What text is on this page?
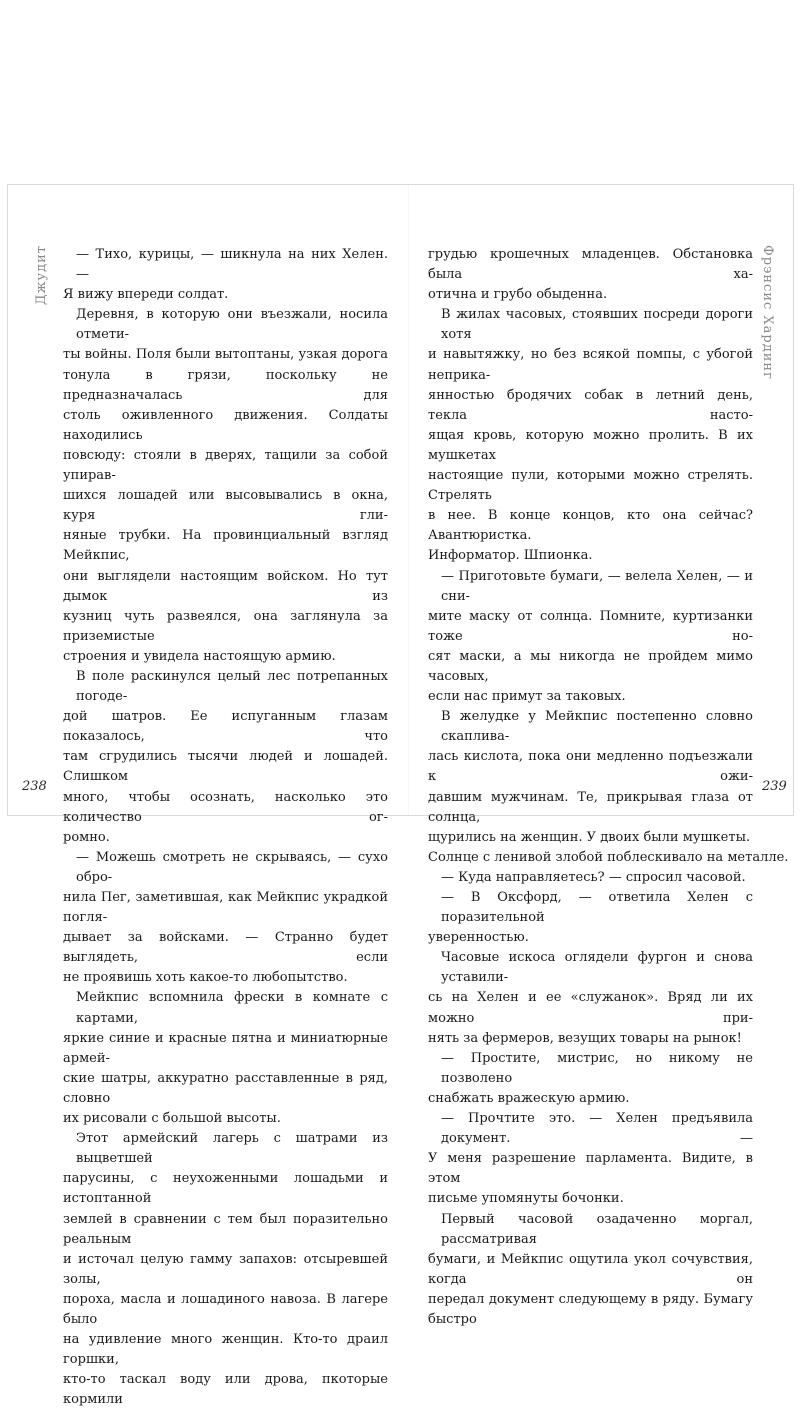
Джудит	Фрэнсис Хардинг
— Тихо, курицы, — шикнула на них Хелен. —
Я вижу впереди солдат.
Деревня, в которую они въезжали, носила отмети-
ты войны. Поля были вытоптаны, узкая дорога
тонула в грязи, поскольку не предназначалась для
столь оживленного движения. Солдаты находились
повсюду: стояли в дверях, тащили за собой упирав-
шихся лошадей или высовывались в окна, куря гли-
няные трубки. На провинциальный взгляд Мейкпис,
они выглядели настоящим войском. Но тут дымок из
кузниц чуть развеялся, она заглянула за приземистые
строения и увидела настоящую армию.
В поле раскинулся целый лес потрепанных погоде-
дой шатров. Ее испуганным глазам показалось, что
там сгрудились тысячи людей и лошадей. Слишком
много, чтобы осознать, насколько это количество ог-
ромно.
— Можешь смотреть не скрываясь, — сухо обро-
нила Пег, заметившая, как Мейкпис украдкой погля-
дывает за войсками. — Странно будет выглядеть, если
не проявишь хоть какое-то любопытство.
Мейкпис вспомнила фрески в комнате с картами,
яркие синие и красные пятна и миниатюрные армей-
ские шатры, аккуратно расставленные в ряд, словно
их рисовали с большой высоты.
Этот армейский лагерь с шатрами из выцветшей
парусины, с неухоженными лошадьми и истоптанной
землей в сравнении с тем был поразительно реальным
и источал целую гамму запахов: отсыревшей золы,
пороха, масла и лошадиного навоза. В лагере было
на удивление много женщин. Кто-то драил горшки,
кто-то таскал воду или дрова, пкоторые кормили
грудью крошечных младенцев. Обстановка была ха-
отична и грубо обыденна.
В жилах часовых, стоявших посреди дороги хотя
и навытяжку, но без всякой помпы, с убогой неприка-
янностью бродячих собак в летний день, текла насто-
ящая кровь, которую можно пролить. В их мушкетах
настоящие пули, которыми можно стрелять. Стрелять
в нее. В конце концов, кто она сейчас? Авантюристка.
Информатор. Шпионка.
— Приготовьте бумаги, — велела Хелен, — и сни-
мите маску от солнца. Помните, куртизанки тоже но-
сят маски, а мы никогда не пройдем мимо часовых,
если нас примут за таковых.
В желудке у Мейкпис постепенно словно скаплива-
лась кислота, пока они медленно подъезжали к ожи-
давшим мужчинам. Те, прикрывая глаза от солнца,
щурились на женщин. У двоих были мушкеты.
Солнце с ленивой злобой поблескивало на металле.
— Куда направляетесь? — спросил часовой.
— В Оксфорд, — ответила Хелен с поразительной
уверенностью.
Часовые искоса оглядели фургон и снова уставили-
сь на Хелен и ее «служанок». Вряд ли их можно при-
нять за фермеров, везущих товары на рынок!
— Простите, мистрис, но никому не позволено
снабжать вражескую армию.
— Прочтите это. — Хелен предъявила документ. —
У меня разрешение парламента. Видите, в этом
письме упомянуты бочонки.
Первый часовой озадаченно моргал, рассматривая
бумаги, и Мейкпис ощутила укол сочувствия, когда он
передал документ следующему в ряду. Бумагу быстро
238	239
